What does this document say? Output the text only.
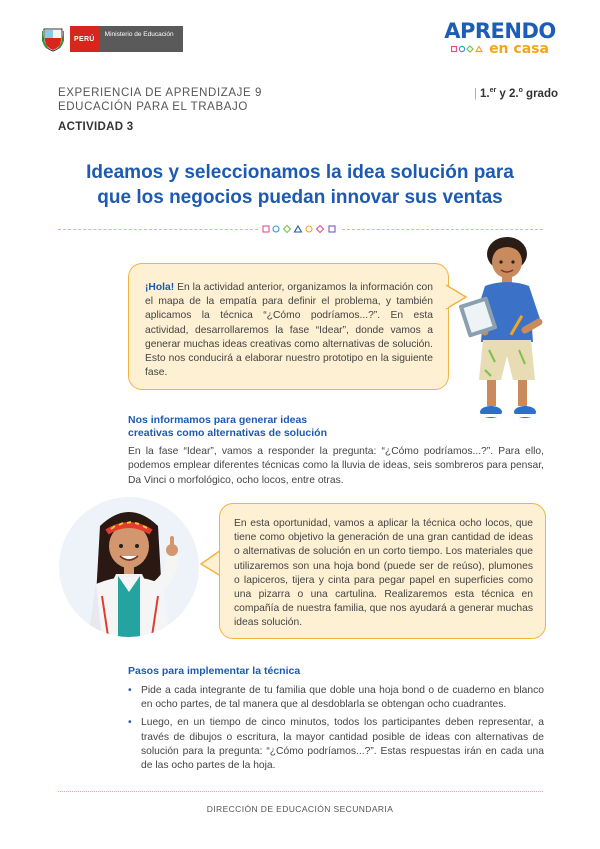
PERÚ
Ministerio de Educación	APRENDO
en casa
EXPERIENCIA DE APRENDIZAJE 9
EDUCACIÓN PARA EL TRABAJO
ACTIVIDAD 3
| 1.$^{er}$ y 2.$^o$ grado
Ideamos y seleccionamos la idea solución para
que los negocios puedan innovar sus ventas
¡Hola! En la actividad anterior, organizamos la información con el mapa de la empatía para definir el problema, y también aplicamos la técnica “¿Cómo podríamos...?”. En esta actividad, desarrollaremos la fase “Idear”, donde vamos a generar muchas ideas creativas como alternativas de solución. Esto nos conducirá a elaborar nuestro prototipo en la siguiente fase.
Nos informamos para generar ideas
creativas como alternativas de solución
En la fase “Idear”, vamos a responder la pregunta: “¿Cómo podríamos...?”. Para ello, podemos emplear diferentes técnicas como la lluvia de ideas, seis sombreros para pensar, Da Vinci o morfológico, ocho locos, entre otras.
En esta oportunidad, vamos a aplicar la técnica ocho locos, que tiene como objetivo la generación de una gran cantidad de ideas o alternativas de solución en un corto tiempo. Los materiales que utilizaremos son una hoja bond (puede ser de reúso), plumones o lapiceros, tijera y cinta para pegar papel en superficies como una pizarra o una cartulina. Realizaremos esta técnica en compañía de nuestra familia, que nos ayudará a generar muchas ideas solución.
Pasos para implementar la técnica
• Pide a cada integrante de tu familia que doble una hoja bond o de cuaderno en blanco en ocho partes, de tal manera que al desdoblarla se obtengan ocho cuadrantes.
• Luego, en un tiempo de cinco minutos, todos los participantes deben representar, a través de dibujos o escritura, la mayor cantidad posible de ideas con alternativas de solución para la pregunta: “¿Cómo podríamos...?”. Estas respuestas irán en cada una de las ocho partes de la hoja.
DIRECCIÓN DE EDUCACIÓN SECUNDARIA
